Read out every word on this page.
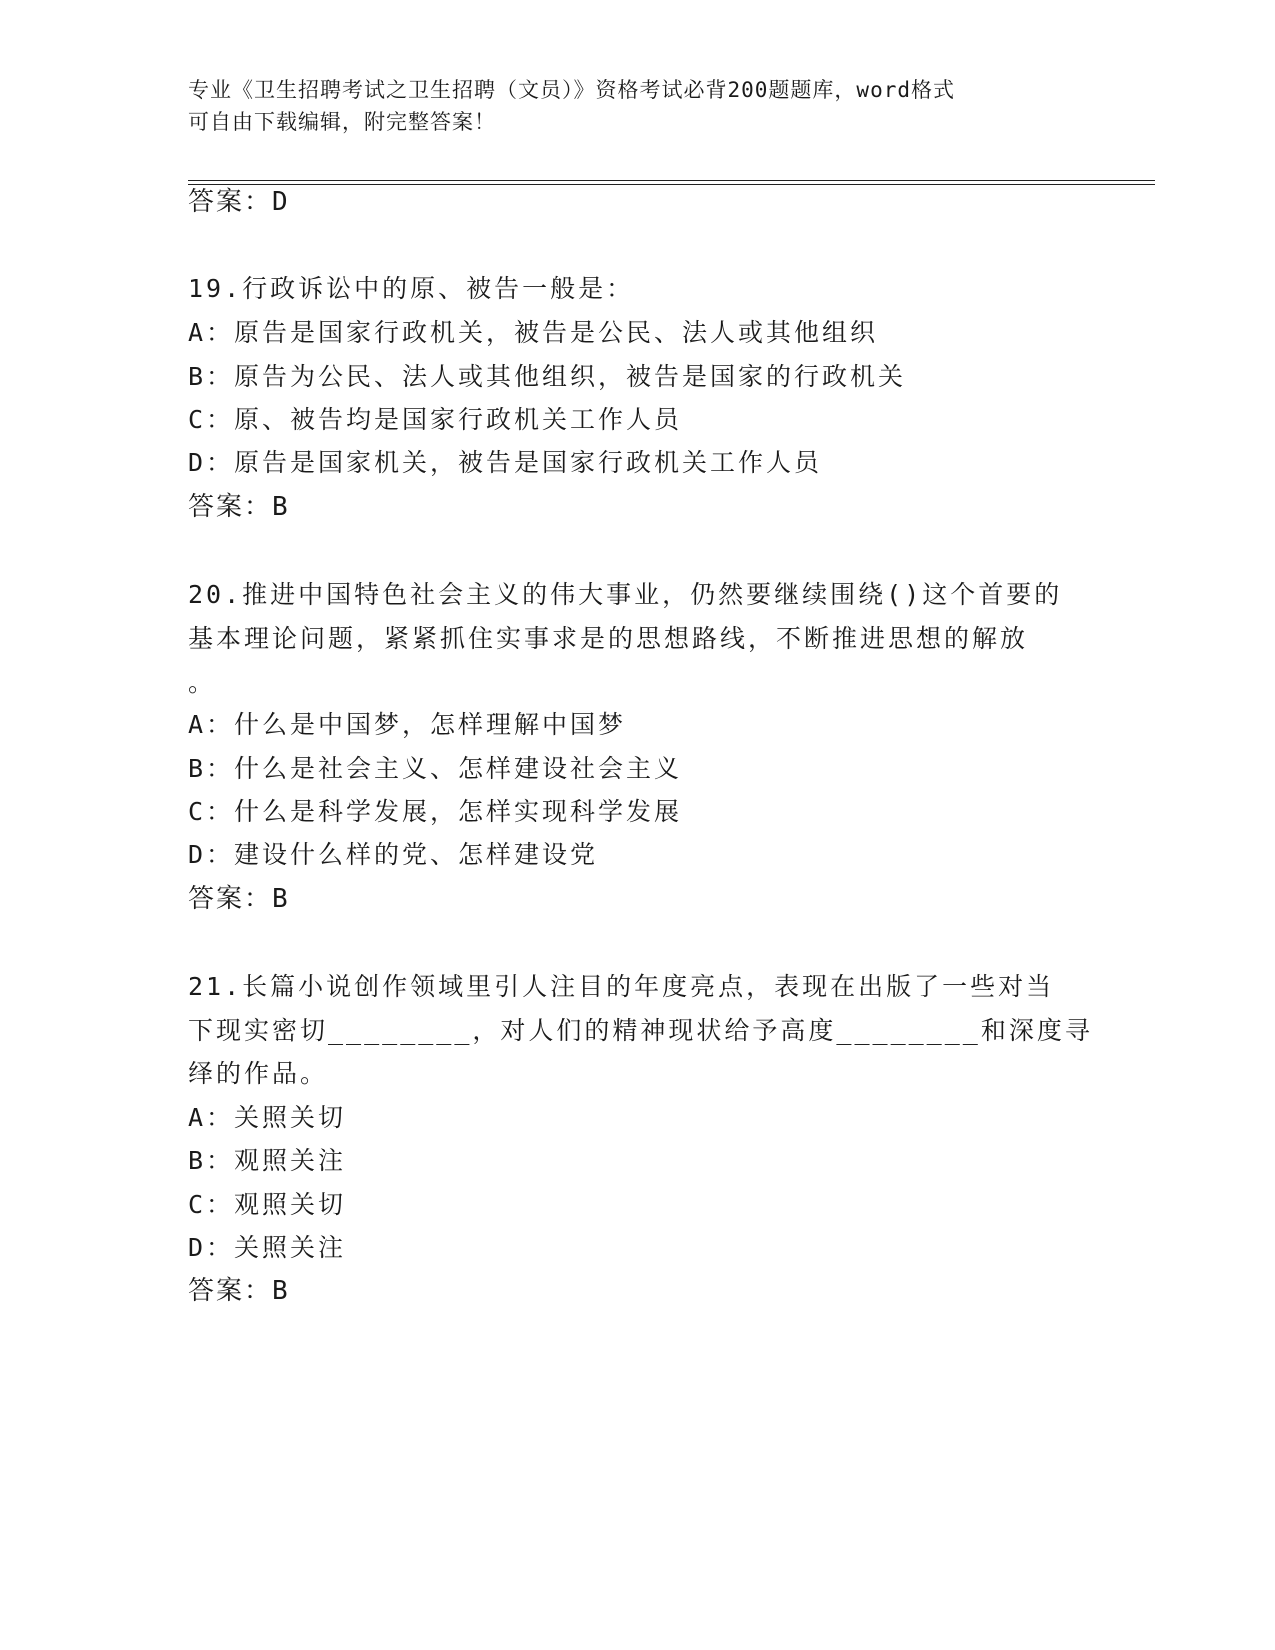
专业《卫生招聘考试之卫生招聘（文员）》资格考试必背200题题库，word格式
可自由下载编辑，附完整答案！
答案：D
19.行政诉讼中的原、被告一般是：
A：原告是国家行政机关，被告是公民、法人或其他组织
B：原告为公民、法人或其他组织，被告是国家的行政机关
C：原、被告均是国家行政机关工作人员
D：原告是国家机关，被告是国家行政机关工作人员
答案：B
20.推进中国特色社会主义的伟大事业，仍然要继续围绕()这个首要的
基本理论问题，紧紧抓住实事求是的思想路线，不断推进思想的解放
。
A：什么是中国梦，怎样理解中国梦
B：什么是社会主义、怎样建设社会主义
C：什么是科学发展，怎样实现科学发展
D：建设什么样的党、怎样建设党
答案：B
21.长篇小说创作领域里引人注目的年度亮点，表现在出版了一些对当
下现实密切________，对人们的精神现状给予高度________和深度寻
绎的作品。
A：关照关切
B：观照关注
C：观照关切
D：关照关注
答案：B
